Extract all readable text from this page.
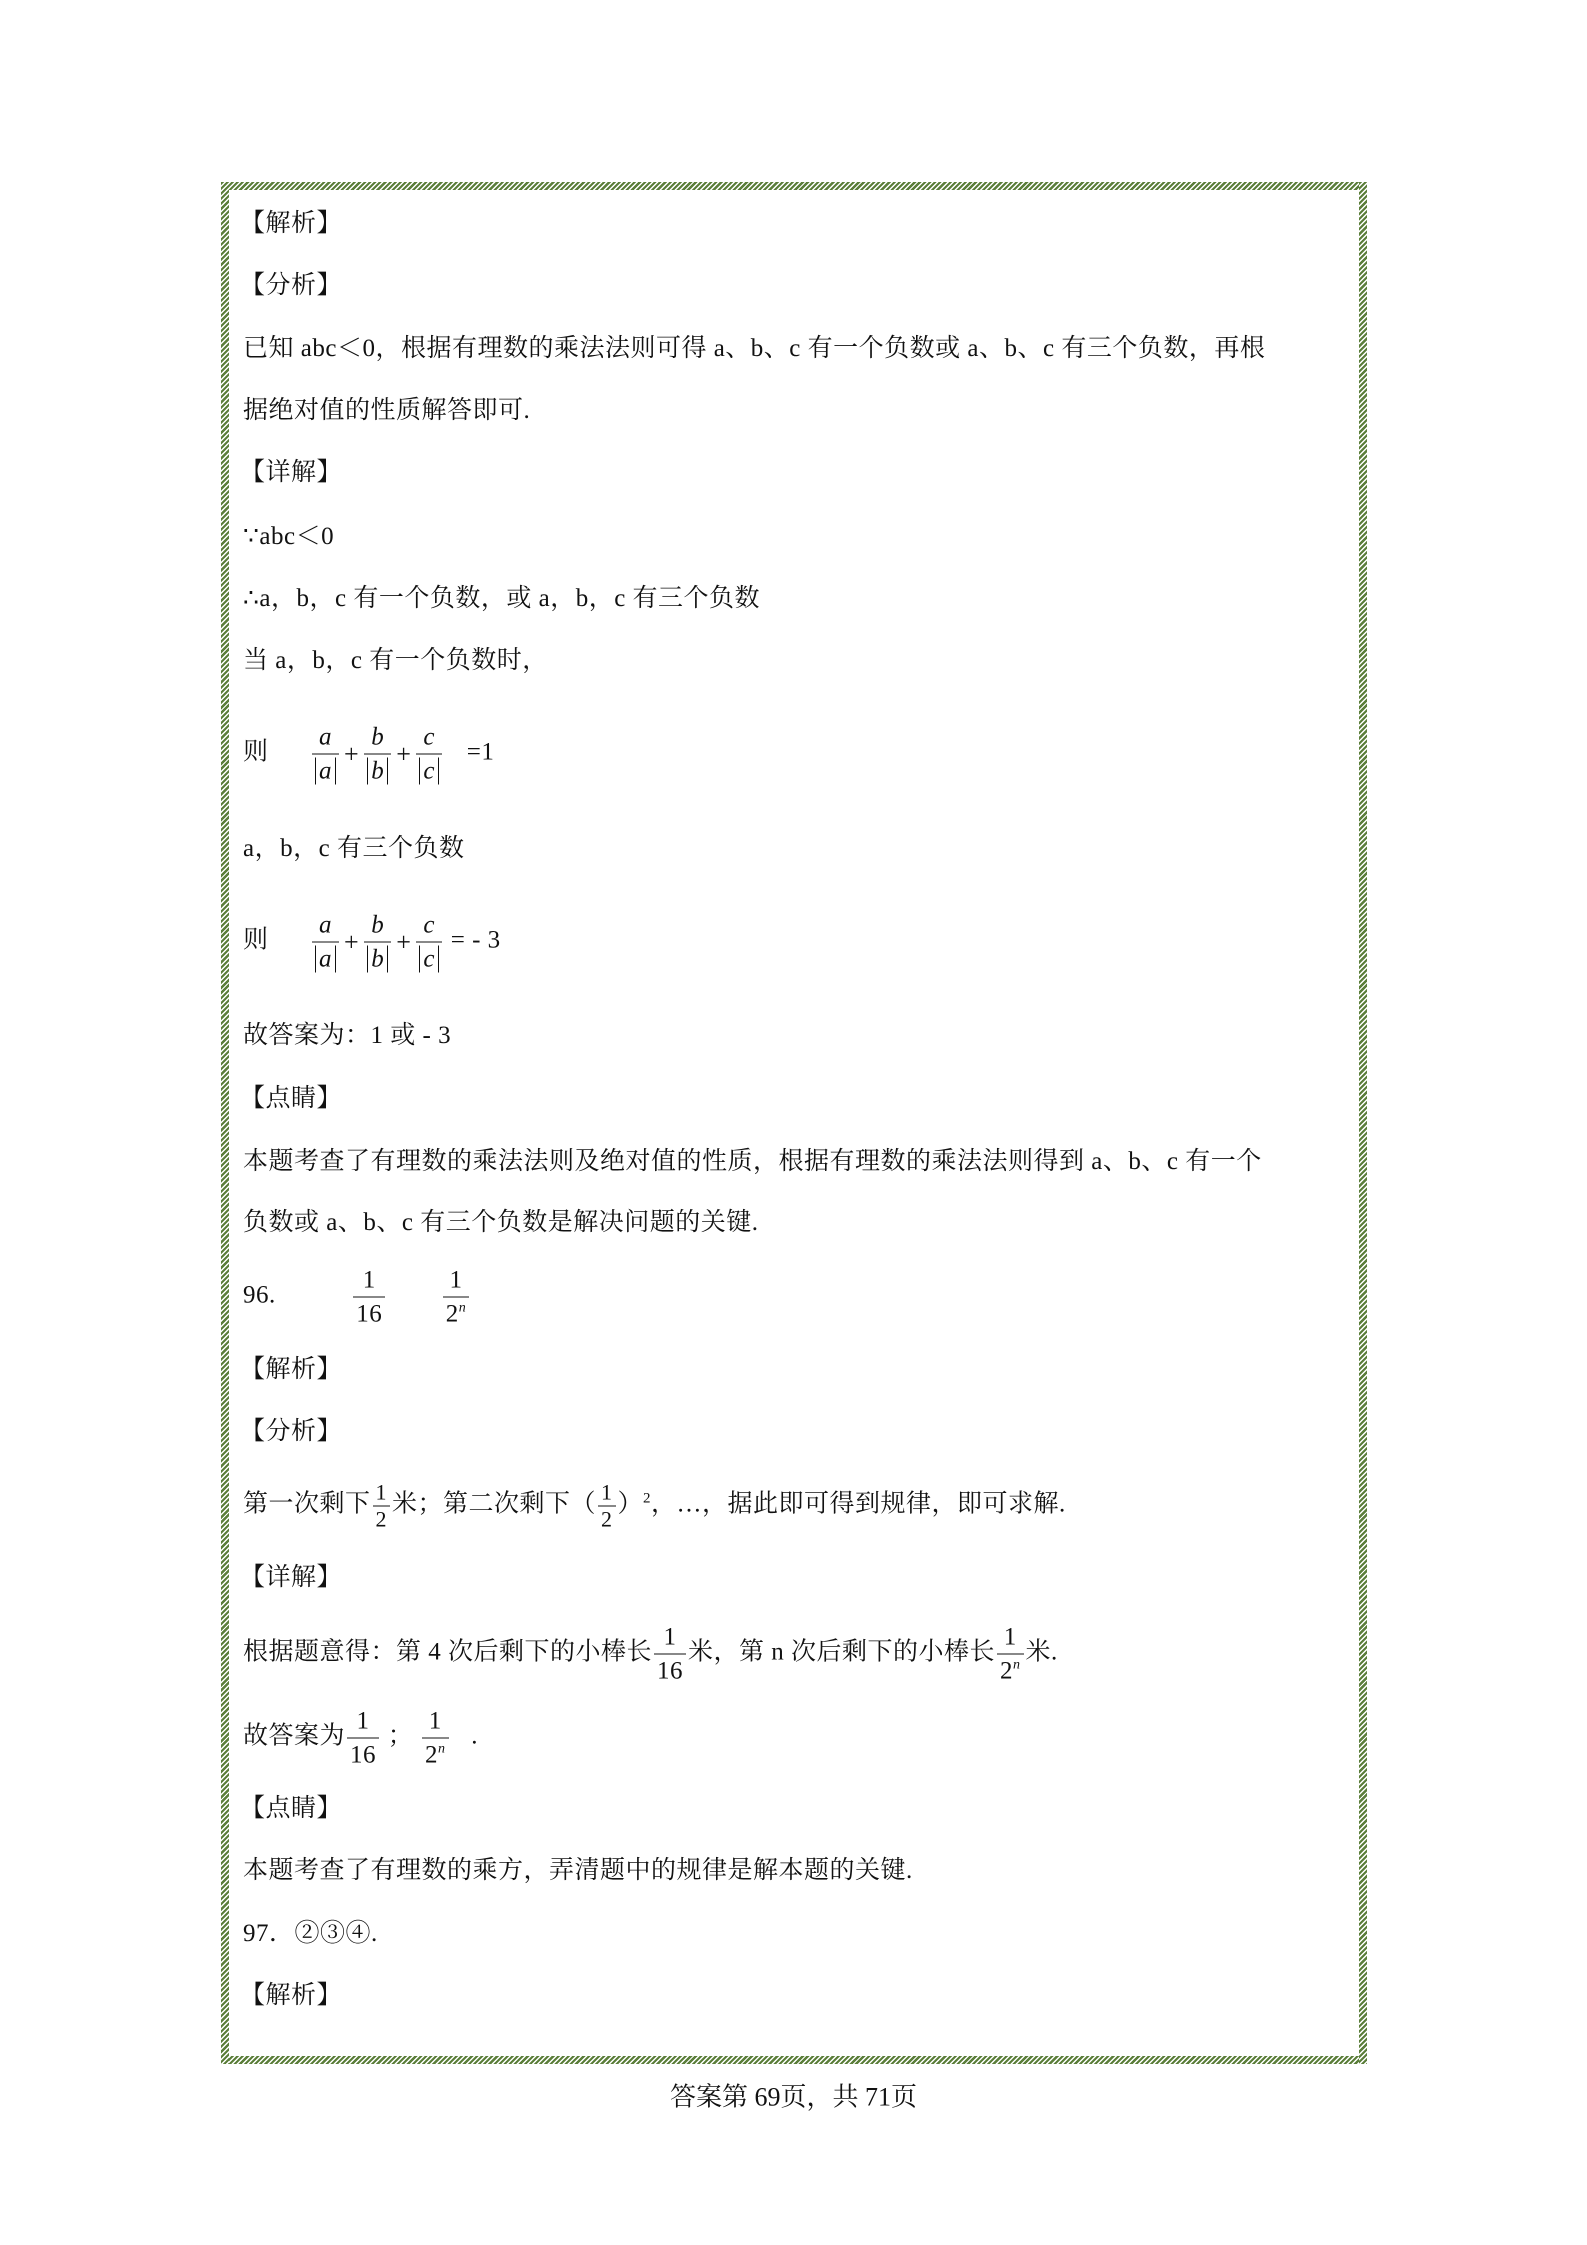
【解析】
【分析】
已知 abc＜0，根据有理数的乘法法则可得 a、b、c 有一个负数或 a、b、c 有三个负数，再根
据绝对值的性质解答即可.
【详解】
∵abc＜0
∴a，b，c 有一个负数，或 a，b，c 有三个负数
当 a，b，c 有一个负数时，
则 $\frac{a}{a} + \frac{b}{b} + \frac{c}{c} =1$
a，b，c 有三个负数
则 $\frac{a}{a} + \frac{b}{b} + \frac{c}{c}$ = - 3
故答案为：1 或 - 3
【点睛】
本题考查了有理数的乘法法则及绝对值的性质，根据有理数的乘法法则得到 a、b、c 有一个
负数或 a、b、c 有三个负数是解决问题的关键.
96.	$\frac{1}{16}$
$\frac{1}{2^n}$
【解析】
【分析】
第一次剩下 $\frac{1}{2}$ 米；第二次剩下（ $\frac{1}{2} )^2$，…，据此即可得到规律，即可求解.
【详解】
根据题意得：第 4 次后剩下的小棒长 $\frac{1}{16}$ 米，第 n 次后剩下的小棒长 $\frac{1}{2^n}$ 米.
故答案为 $\frac{1}{16}$ ； $\frac{1}{2^n}$ .
【点睛】
本题考查了有理数的乘方，弄清题中的规律是解本题的关键.
97．②③④.
【解析】
答案第 69页，共 71页
